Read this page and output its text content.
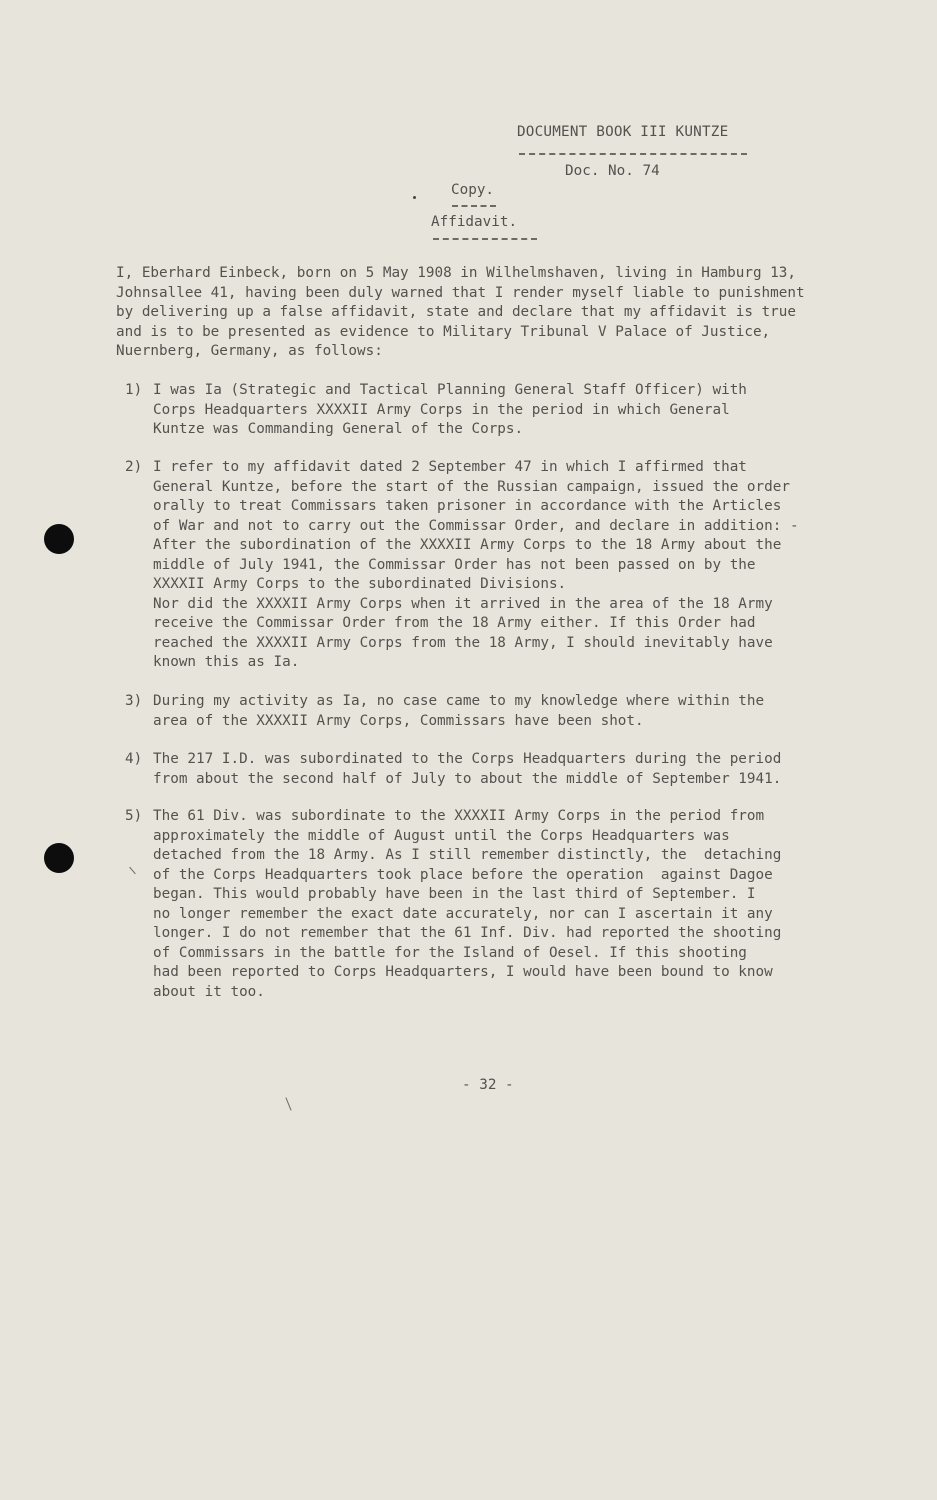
DOCUMENT BOOK III KUNTZE
Doc. No. 74
Copy.
Affidavit.
I, Eberhard Einbeck, born on 5 May 1908 in Wilhelmshaven, living in Hamburg 13,
Johnsallee 41, having been duly warned that I render myself liable to punishment
by delivering up a false affidavit, state and declare that my affidavit is true
and is to be presented as evidence to Military Tribunal V Palace of Justice,
Nuernberg, Germany, as follows:
1) I was Ia (Strategic and Tactical Planning General Staff Officer) with
Corps Headquarters XXXXII Army Corps in the period in which General
Kuntze was Commanding General of the Corps.
2) I refer to my affidavit dated 2 September 47 in which I affirmed that
General Kuntze, before the start of the Russian campaign, issued the order
orally to treat Commissars taken prisoner in accordance with the Articles
of War and not to carry out the Commissar Order, and declare in addition: -
After the subordination of the XXXXII Army Corps to the 18 Army about the
middle of July 1941, the Commissar Order has not been passed on by the
XXXXII Army Corps to the subordinated Divisions.
Nor did the XXXXII Army Corps when it arrived in the area of the 18 Army
receive the Commissar Order from the 18 Army either. If this Order had
reached the XXXXII Army Corps from the 18 Army, I should inevitably have
known this as Ia.
3) During my activity as Ia, no case came to my knowledge where within the
area of the XXXXII Army Corps, Commissars have been shot.
4) The 217 I.D. was subordinated to the Corps Headquarters during the period
from about the second half of July to about the middle of September 1941.
5) The 61 Div. was subordinate to the XXXXII Army Corps in the period from
approximately the middle of August until the Corps Headquarters was
detached from the 18 Army. As I still remember distinctly, the  detaching
of the Corps Headquarters took place before the operation  against Dagoe
began. This would probably have been in the last third of September. I
no longer remember the exact date accurately, nor can I ascertain it any
longer. I do not remember that the 61 Inf. Div. had reported the shooting
of Commissars in the battle for the Island of Oesel. If this shooting
had been reported to Corps Headquarters, I would have been bound to know
about it too.
- 32 -
